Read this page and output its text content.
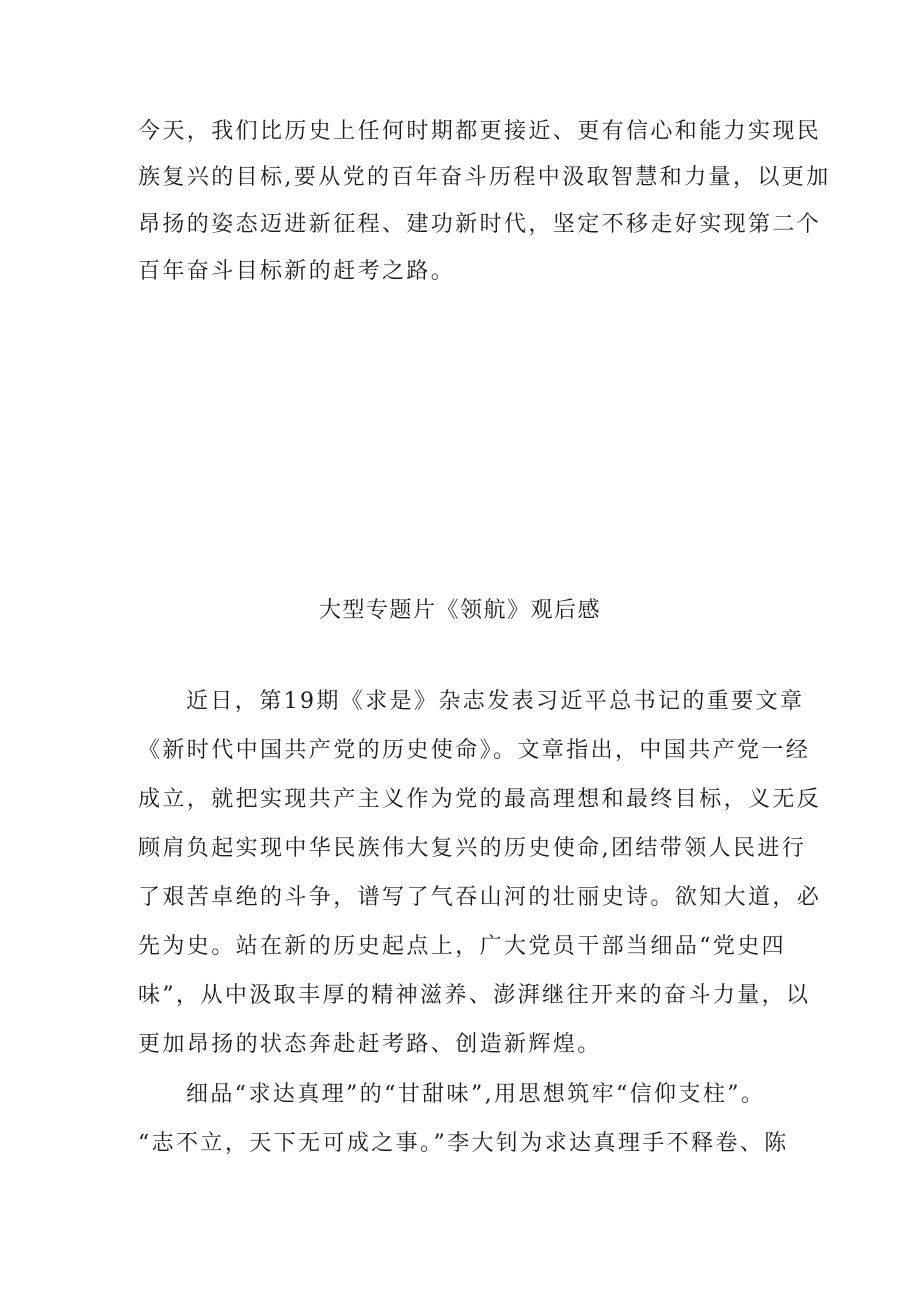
今天，我们比历史上任何时期都更接近、更有信心和能力实现民
族复兴的目标,要从党的百年奋斗历程中汲取智慧和力量，以更加
昂扬的姿态迈进新征程、建功新时代，坚定不移走好实现第二个
百年奋斗目标新的赶考之路。
大型专题片《领航》观后感
近日，第19期《求是》杂志发表习近平总书记的重要文章
《新时代中国共产党的历史使命》。文章指出，中国共产党一经
成立，就把实现共产主义作为党的最高理想和最终目标，义无反
顾肩负起实现中华民族伟大复兴的历史使命,团结带领人民进行
了艰苦卓绝的斗争，谱写了气吞山河的壮丽史诗。欲知大道，必
先为史。站在新的历史起点上，广大党员干部当细品“党史四
味”，从中汲取丰厚的精神滋养、澎湃继往开来的奋斗力量，以
更加昂扬的状态奔赴赶考路、创造新辉煌。
细品“求达真理”的“甘甜味”,用思想筑牢“信仰支柱”。
“志不立，天下无可成之事。”李大钊为求达真理手不释卷、陈
